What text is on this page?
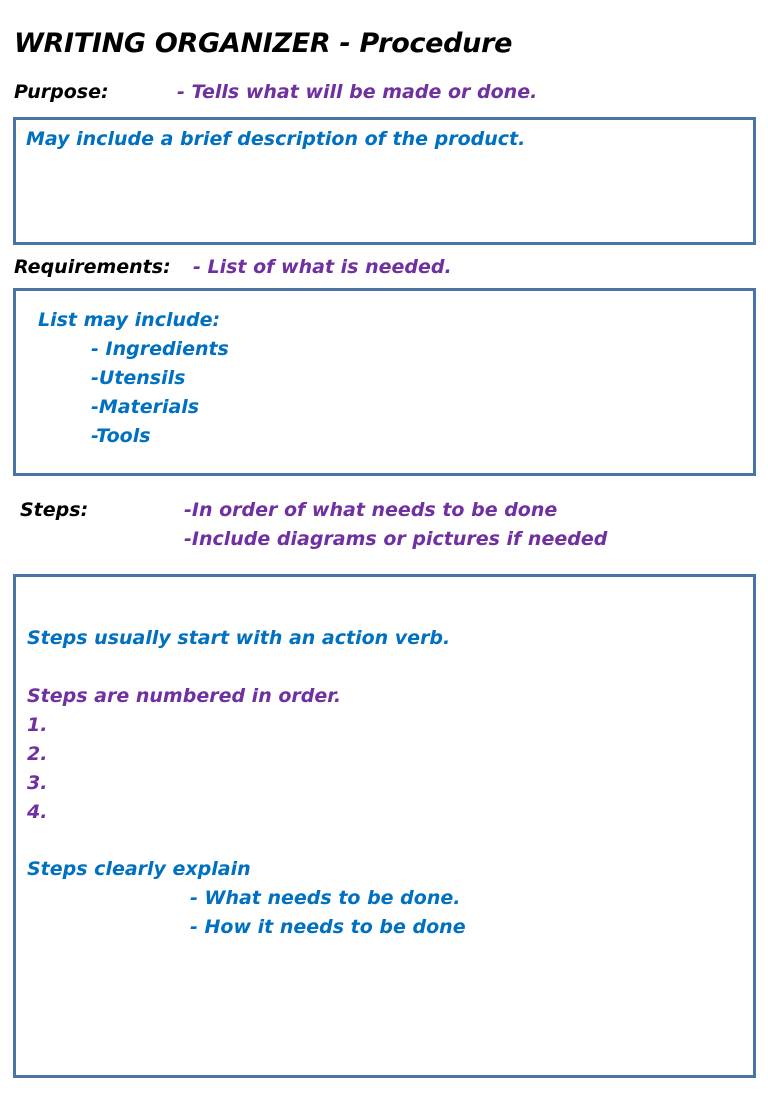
WRITING ORGANIZER - Procedure
Purpose:	- Tells what will be made or done.
May include a brief description of the product.
Requirements: - List of what is needed.
List may include:
- Ingredients
-Utensils
-Materials
-Tools
Steps:	-In order of what needs to be done
-Include diagrams or pictures if needed
Steps usually start with an action verb.
Steps are numbered in order.
1.
2.
3.
4.
Steps clearly explain
- What needs to be done.
- How it needs to be done
